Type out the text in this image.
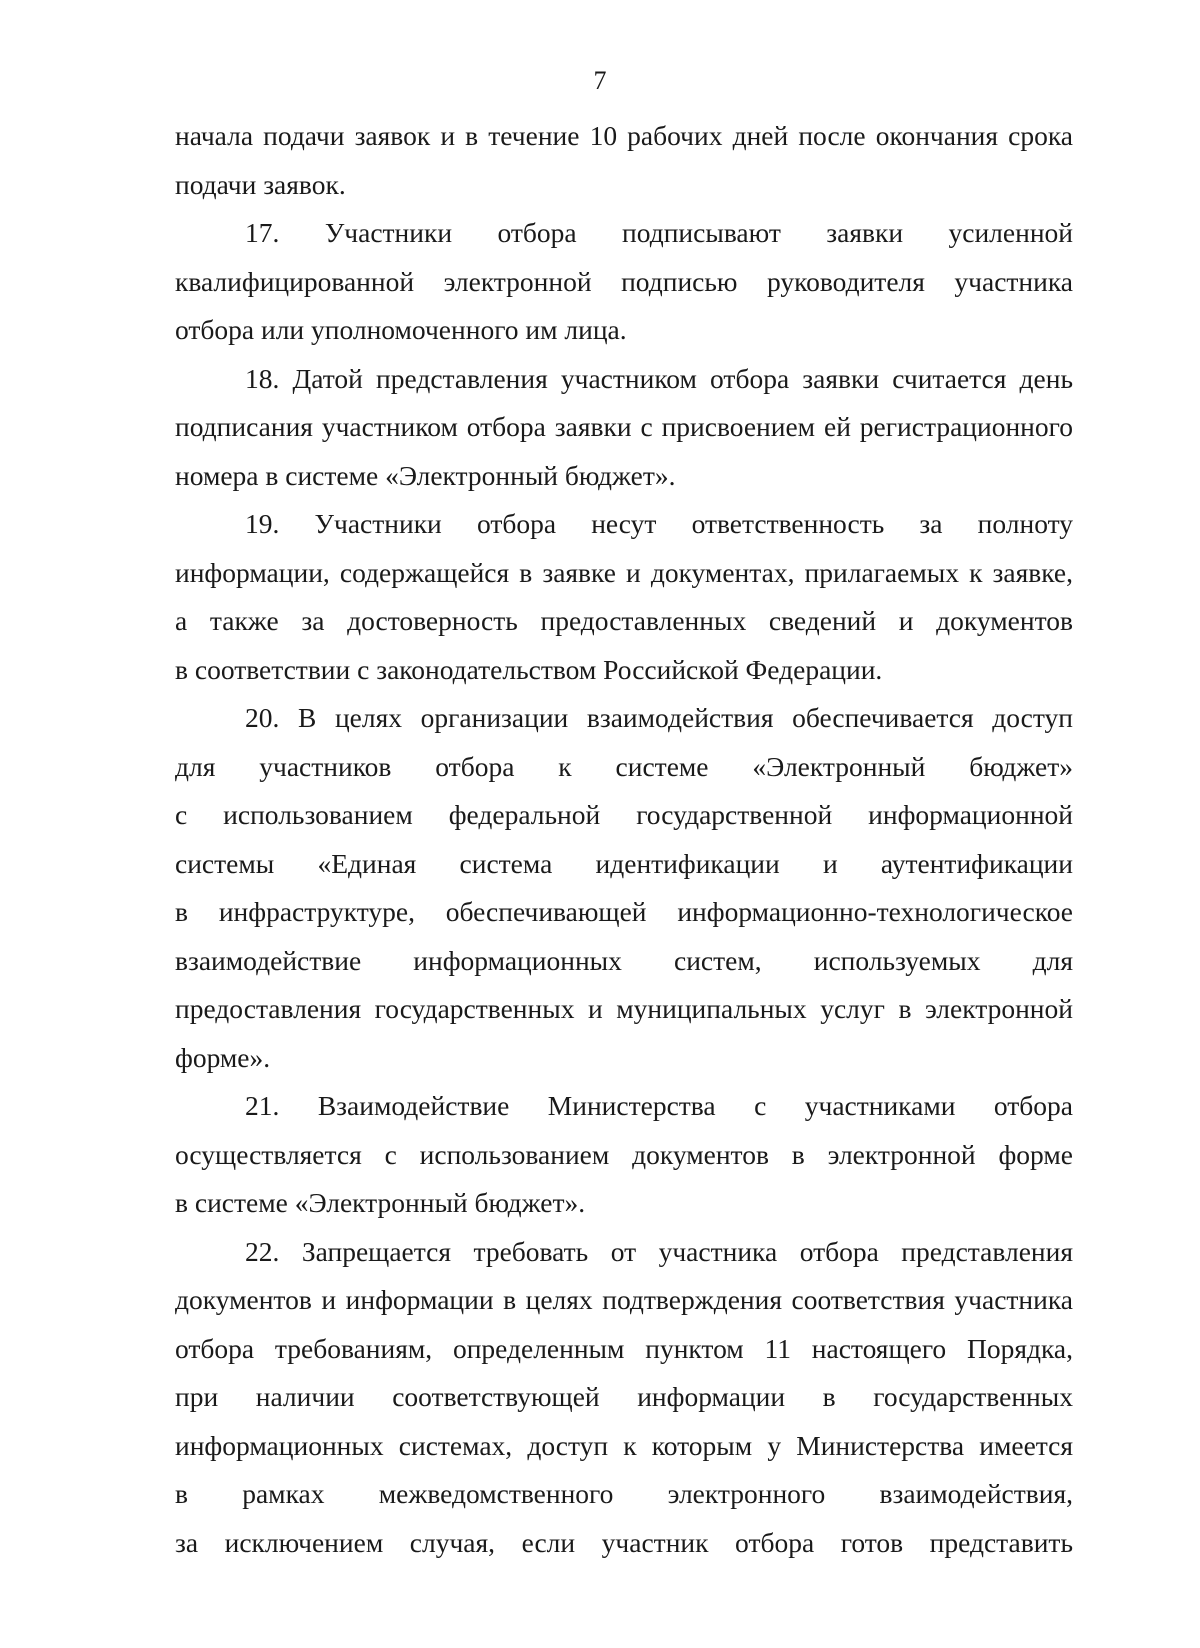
7
начала подачи заявок и в течение 10 рабочих дней после окончания срока
подачи заявок.
17. Участники отбора подписывают заявки усиленной
квалифицированной электронной подписью руководителя участника
отбора или уполномоченного им лица.
18. Датой представления участником отбора заявки считается день
подписания участником отбора заявки с присвоением ей регистрационного
номера в системе «Электронный бюджет».
19. Участники отбора несут ответственность за полноту
информации, содержащейся в заявке и документах, прилагаемых к заявке,
а также за достоверность предоставленных сведений и документов
в соответствии с законодательством Российской Федерации.
20. В целях организации взаимодействия обеспечивается доступ
для участников отбора к системе «Электронный бюджет»
с использованием федеральной государственной информационной
системы «Единая система идентификации и аутентификации
в инфраструктуре, обеспечивающей информационно-технологическое
взаимодействие информационных систем, используемых для
предоставления государственных и муниципальных услуг в электронной
форме».
21. Взаимодействие Министерства с участниками отбора
осуществляется с использованием документов в электронной форме
в системе «Электронный бюджет».
22. Запрещается требовать от участника отбора представления
документов и информации в целях подтверждения соответствия участника
отбора требованиям, определенным пунктом 11 настоящего Порядка,
при наличии соответствующей информации в государственных
информационных системах, доступ к которым у Министерства имеется
в рамках межведомственного электронного взаимодействия,
за исключением случая, если участник отбора готов представить
